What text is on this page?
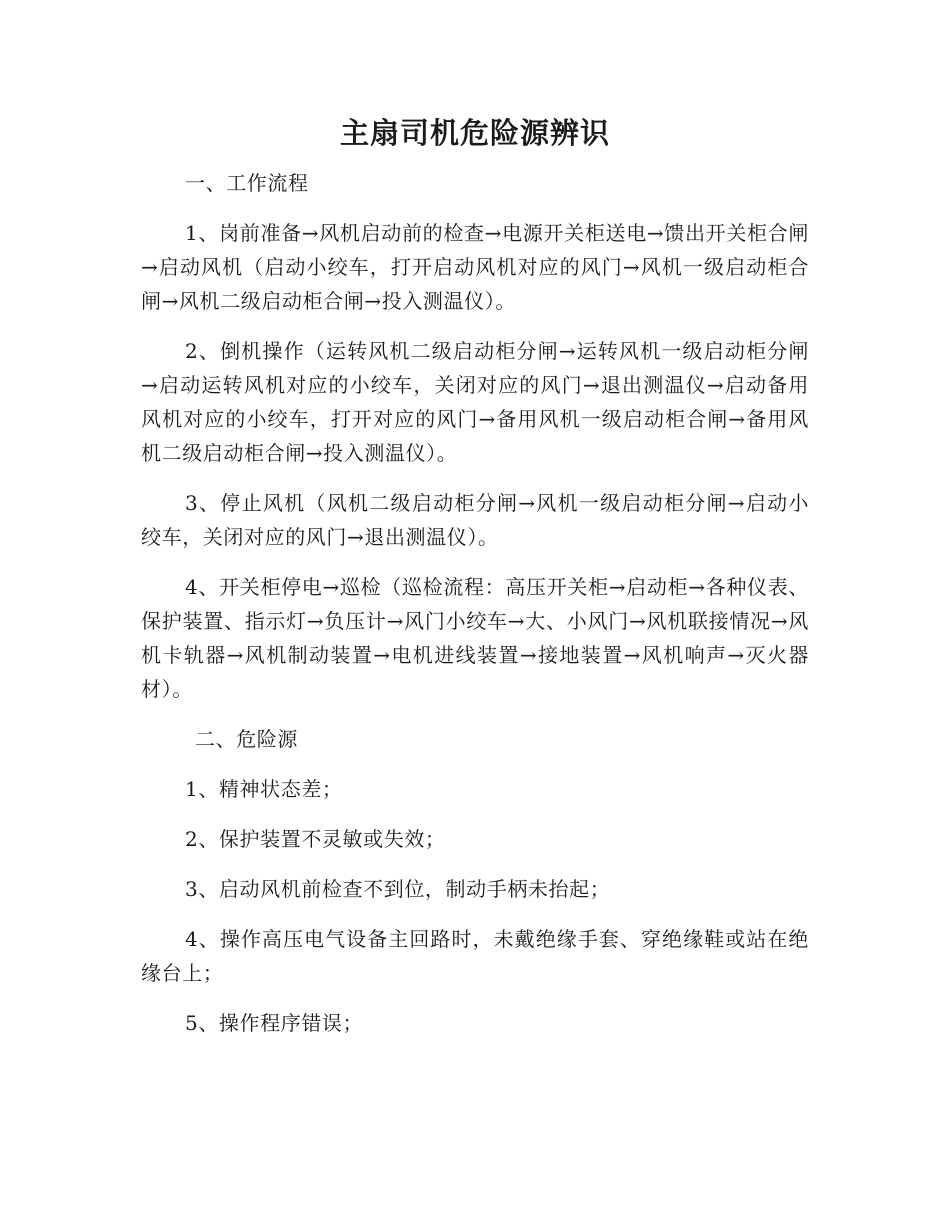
主扇司机危险源辨识

一、工作流程

1、岗前准备→风机启动前的检查→电源开关柜送电→馈出开关柜合闸→启动风机（启动小绞车，打开启动风机对应的风门→风机一级启动柜合闸→风机二级启动柜合闸→投入测温仪）。

2、倒机操作（运转风机二级启动柜分闸→运转风机一级启动柜分闸→启动运转风机对应的小绞车，关闭对应的风门→退出测温仪→启动备用风机对应的小绞车，打开对应的风门→备用风机一级启动柜合闸→备用风机二级启动柜合闸→投入测温仪）。

3、停止风机（风机二级启动柜分闸→风机一级启动柜分闸→启动小绞车，关闭对应的风门→退出测温仪）。

4、开关柜停电→巡检（巡检流程：高压开关柜→启动柜→各种仪表、保护装置、指示灯→负压计→风门小绞车→大、小风门→风机联接情况→风机卡轨器→风机制动装置→电机进线装置→接地装置→风机响声→灭火器材）。

二、危险源

1、精神状态差；

2、保护装置不灵敏或失效；

3、启动风机前检查不到位，制动手柄未抬起；

4、操作高压电气设备主回路时，未戴绝缘手套、穿绝缘鞋或站在绝缘台上；

5、操作程序错误；
